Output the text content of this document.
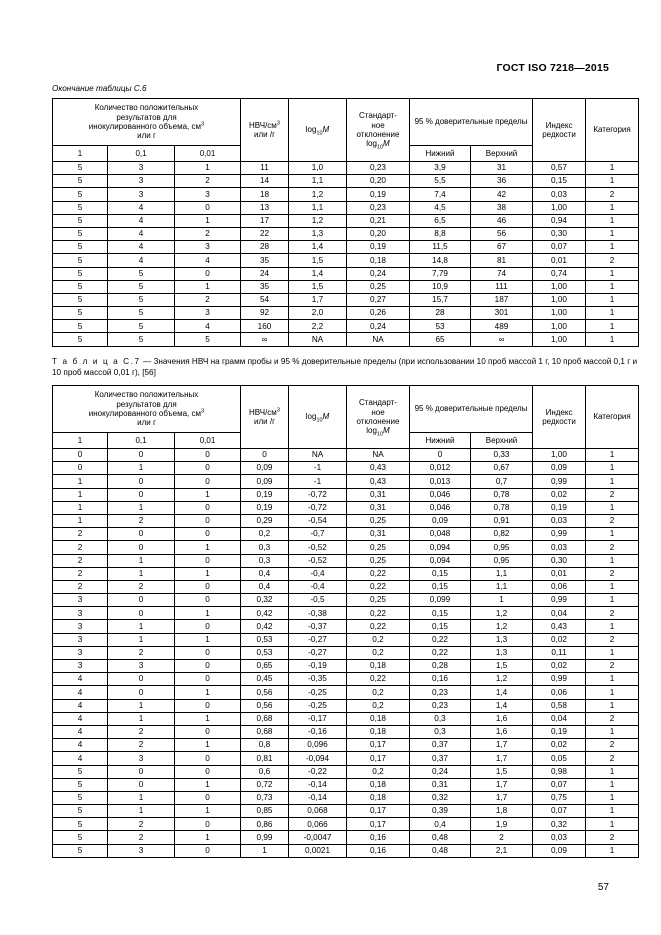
ГОСТ ISO 7218—2015
Окончание таблицы С.6
Количество положительных
результатов для
инокулированного объема, $см^3$
или г			НВЧ/$см^3$
или /г	$\log_{10}M$	Стандарт-
ное
отклонение
$\log_{10}M$	95 % доверительные пределы		Индекс
редкости	Категория
1	0,1	0,01				Нижний	Верхний		
5	3	1	11	1,0	0,23	3,9	31	0,57	1
5	3	2	14	1,1	0,20	5,5	36	0,15	1
5	3	3	18	1,2	0,19	7,4	42	0,03	2
5	4	0	13	1,1	0,23	4,5	38	1,00	1
5	4	1	17	1,2	0,21	6,5	46	0,94	1
5	4	2	22	1,3	0,20	8,8	56	0,30	1
5	4	3	28	1,4	0,19	11,5	67	0,07	1
5	4	4	35	1,5	0,18	14,8	81	0,01	2
5	5	0	24	1,4	0,24	7,79	74	0,74	1
5	5	1	35	1,5	0,25	10,9	111	1,00	1
5	5	2	54	1,7	0,27	15,7	187	1,00	1
5	5	3	92	2,0	0,26	28	301	1,00	1
5	5	4	160	2,2	0,24	53	489	1,00	1
5	5	5	∞	NA	NA	65	∞	1,00	1
Т а б л и ц а С.7 — Значения НВЧ на грамм пробы и 95 % доверительные пределы (при использовании 10 проб массой 1 г, 10 проб массой 0,1 г и 10 проб массой 0,01 г), [56]
Количество положительных
результатов для
инокулированного объема, $см^3$
или г			НВЧ/$см^3$
или /г	$\log_{10}M$	Стандарт-
ное
отклонение
$\log_{10}M$	95 % доверительные пределы		Индекс
редкости	Категория
1	0,1	0,01				Нижний	Верхний		
0	0	0	0	NA	NA	0	0,33	1,00	1
0	1	0	0,09	-1	0,43	0,012	0,67	0,09	1
1	0	0	0,09	-1	0,43	0,013	0,7	0,99	1
1	0	1	0,19	-0,72	0,31	0,046	0,78	0,02	2
1	1	0	0,19	-0,72	0,31	0,046	0,78	0,19	1
1	2	0	0,29	-0,54	0,25	0,09	0,91	0,03	2
2	0	0	0,2	-0,7	0,31	0,048	0,82	0,99	1
2	0	1	0,3	-0,52	0,25	0,094	0,95	0,03	2
2	1	0	0,3	-0,52	0,25	0,094	0,95	0,30	1
2	1	1	0,4	-0,4	0,22	0,15	1,1	0,01	2
2	2	0	0,4	-0,4	0,22	0,15	1,1	0,06	1
3	0	0	0,32	-0,5	0,25	0,099	1	0,99	1
3	0	1	0,42	-0,38	0,22	0,15	1,2	0,04	2
3	1	0	0,42	-0,37	0,22	0,15	1,2	0,43	1
3	1	1	0,53	-0,27	0,2	0,22	1,3	0,02	2
3	2	0	0,53	-0,27	0,2	0,22	1,3	0,11	1
3	3	0	0,65	-0,19	0,18	0,28	1,5	0,02	2
4	0	0	0,45	-0,35	0,22	0,16	1,2	0,99	1
4	0	1	0,56	-0,25	0,2	0,23	1,4	0,06	1
4	1	0	0,56	-0,25	0,2	0,23	1,4	0,58	1
4	1	1	0,68	-0,17	0,18	0,3	1,6	0,04	2
4	2	0	0,68	-0,16	0,18	0,3	1,6	0,19	1
4	2	1	0,8	0,096	0,17	0,37	1,7	0,02	2
4	3	0	0,81	-0,094	0,17	0,37	1,7	0,05	2
5	0	0	0,6	-0,22	0,2	0,24	1,5	0,98	1
5	0	1	0,72	-0,14	0,18	0,31	1,7	0,07	1
5	1	0	0,73	-0,14	0,18	0,32	1,7	0,75	1
5	1	1	0,85	0,068	0,17	0,39	1,8	0,07	1
5	2	0	0,86	0,066	0,17	0,4	1,9	0,32	1
5	2	1	0,99	-0,0047	0,16	0,48	2	0,03	2
5	3	0	1	0,0021	0,16	0,48	2,1	0,09	1
57
